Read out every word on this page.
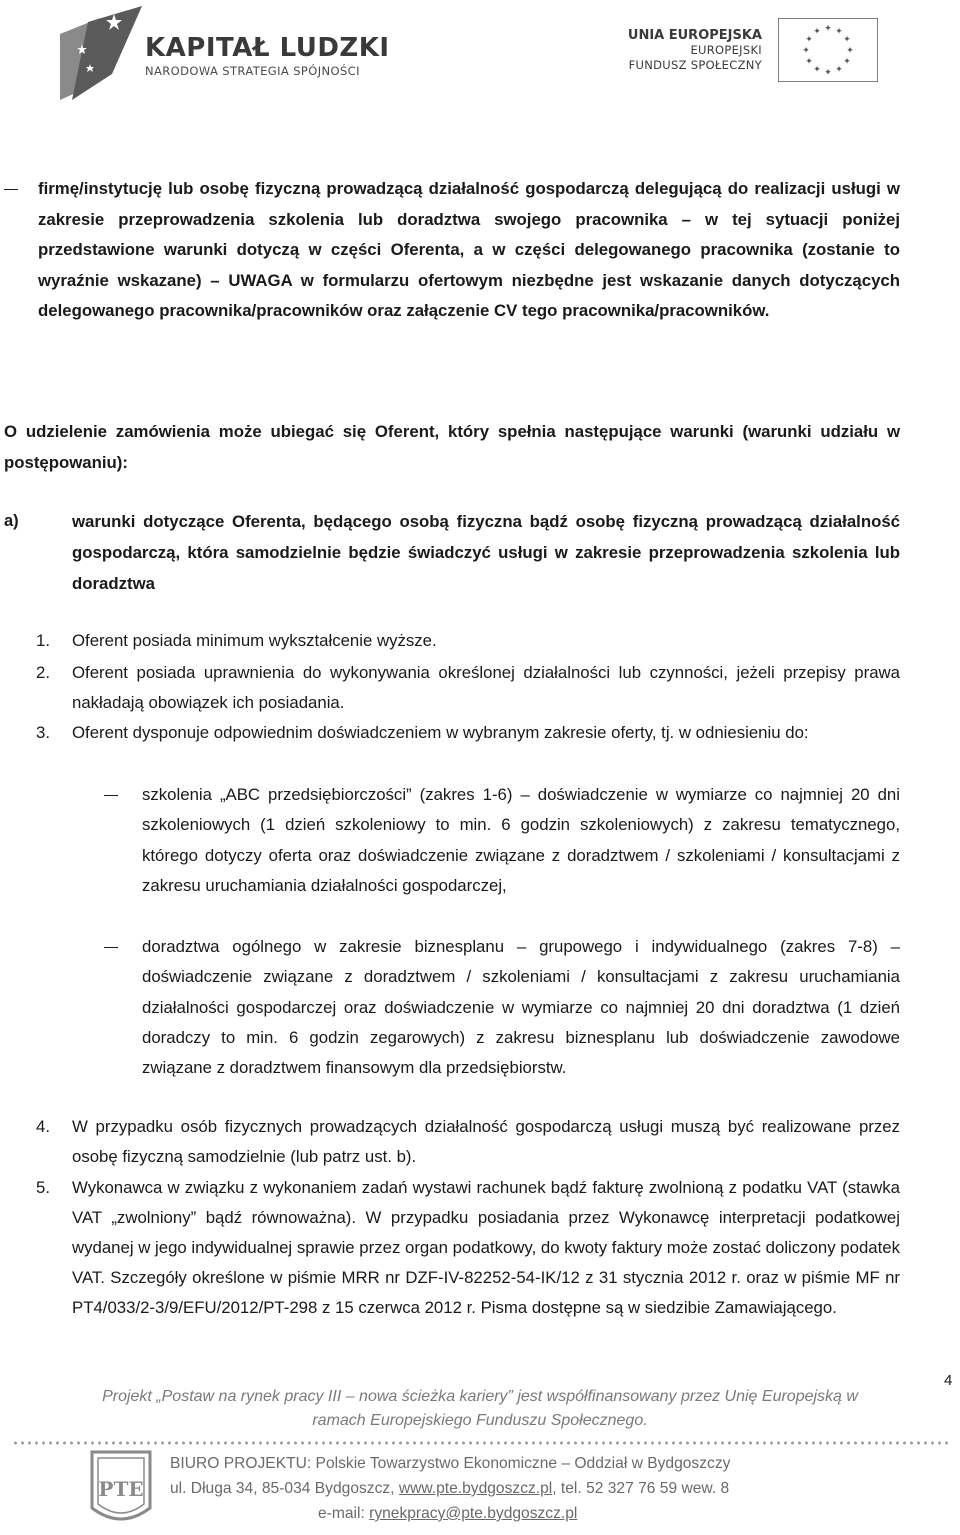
KAPITAŁ LUDZKI
NARODOWA STRATEGIA SPÓJNOŚCI
UNIA EUROPEJSKA
EUROPEJSKI
FUNDUSZ SPOŁECZNY
✦ ✦
✦
✦
✦
✦
✦
✦
✦
✦
✦
✦
firmę/instytucję lub osobę fizyczną prowadzącą działalność gospodarczą delegującą do realizacji usługi w zakresie przeprowadzenia szkolenia lub doradztwa swojego pracownika – w tej sytuacji poniżej przedstawione warunki dotyczą w części Oferenta, a w części delegowanego pracownika (zostanie to wyraźnie wskazane) – UWAGA w formularzu ofertowym niezbędne jest wskazanie danych dotyczących delegowanego pracownika/pracowników oraz załączenie CV tego pracownika/pracowników.
O udzielenie zamówienia może ubiegać się Oferent, który spełnia następujące warunki (warunki udziału w postępowaniu):
a)	warunki dotyczące Oferenta, będącego osobą fizyczna bądź osobę fizyczną prowadzącą działalność gospodarczą, która samodzielnie będzie świadczyć usługi w zakresie przeprowadzenia szkolenia lub doradztwa
1. Oferent posiada minimum wykształcenie wyższe.
2. Oferent posiada uprawnienia do wykonywania określonej działalności lub czynności, jeżeli przepisy prawa nakładają obowiązek ich posiadania.
3. Oferent dysponuje odpowiednim doświadczeniem w wybranym zakresie oferty, tj. w odniesieniu do:
szkolenia „ABC przedsiębiorczości” (zakres 1-6) – doświadczenie w wymiarze co najmniej 20 dni szkoleniowych (1 dzień szkoleniowy to min. 6 godzin szkoleniowych) z zakresu tematycznego, którego dotyczy oferta oraz doświadczenie związane z doradztwem / szkoleniami / konsultacjami z zakresu uruchamiania działalności gospodarczej,
doradztwa ogólnego w zakresie biznesplanu – grupowego i indywidualnego (zakres 7-8) – doświadczenie związane z doradztwem / szkoleniami / konsultacjami z zakresu uruchamiania działalności gospodarczej oraz doświadczenie w wymiarze co najmniej 20 dni doradztwa (1 dzień doradczy to min. 6 godzin zegarowych) z zakresu biznesplanu lub doświadczenie zawodowe związane z doradztwem finansowym dla przedsiębiorstw.
4. W przypadku osób fizycznych prowadzących działalność gospodarczą usługi muszą być realizowane przez osobę fizyczną samodzielnie (lub patrz ust. b).
5. Wykonawca w związku z wykonaniem zadań wystawi rachunek bądź fakturę zwolnioną z podatku VAT (stawka VAT „zwolniony” bądź równoważna). W przypadku posiadania przez Wykonawcę interpretacji podatkowej wydanej w jego indywidualnej sprawie przez organ podatkowy, do kwoty faktury może zostać doliczony podatek VAT. Szczegóły określone w piśmie MRR nr DZF-IV-82252-54-IK/12 z 31 stycznia 2012 r. oraz w piśmie MF nr PT4/033/2-3/9/EFU/2012/PT-298 z 15 czerwca 2012 r. Pisma dostępne są w siedzibie Zamawiającego.
4
Projekt „Postaw na rynek pracy III – nowa ścieżka kariery” jest współfinansowany przez Unię Europejską w
ramach Europejskiego Funduszu Społecznego.
PTE
BIURO PROJEKTU: Polskie Towarzystwo Ekonomiczne – Oddział w Bydgoszczy
ul. Długa 34, 85-034 Bydgoszcz, www.pte.bydgoszcz.pl, tel. 52 327 76 59 wew. 8
e-mail: rynekpracy@pte.bydgoszcz.pl
